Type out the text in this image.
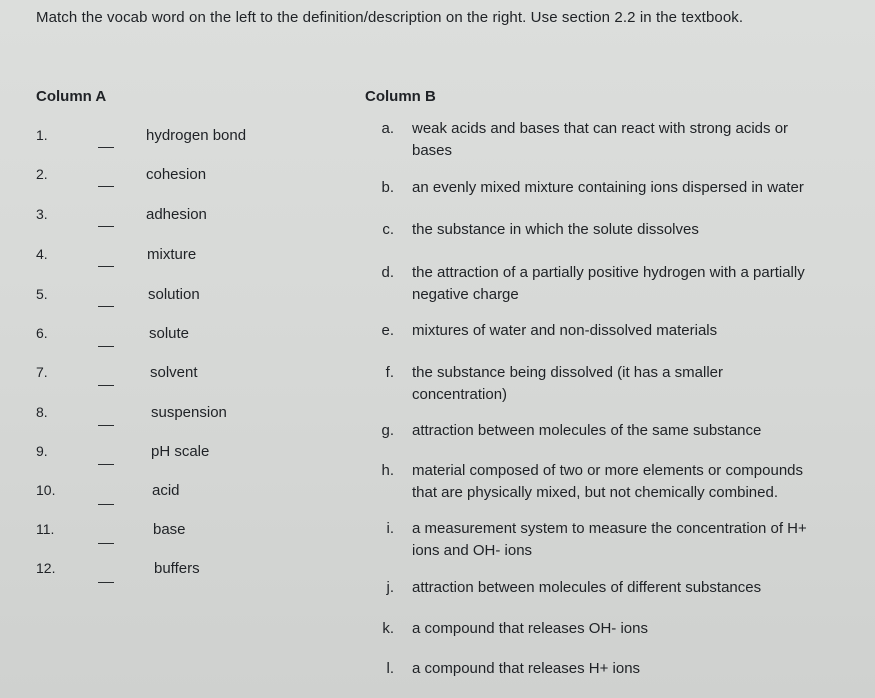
Match the vocab word on the left to the definition/description on the right. Use section 2.2 in the textbook.
Column A	Column B
1.	hydrogen bond
2.	cohesion
3.	adhesion
4.	mixture
5.	solution
6.	solute
7.	solvent
8.	suspension
9.	pH scale
10.	acid
11.	base
12.	buffers
a. weak acids and bases that can react with strong acids or
bases
b. an evenly mixed mixture containing ions dispersed in water
c. the substance in which the solute dissolves
d. the attraction of a partially positive hydrogen with a partially
negative charge
e. mixtures of water and non-dissolved materials
f. the substance being dissolved (it has a smaller
concentration)
g. attraction between molecules of the same substance
h. material composed of two or more elements or compounds
that are physically mixed, but not chemically combined.
i. a measurement system to measure the concentration of H+
ions and OH- ions
j. attraction between molecules of different substances
k. a compound that releases OH- ions
l. a compound that releases H+ ions
